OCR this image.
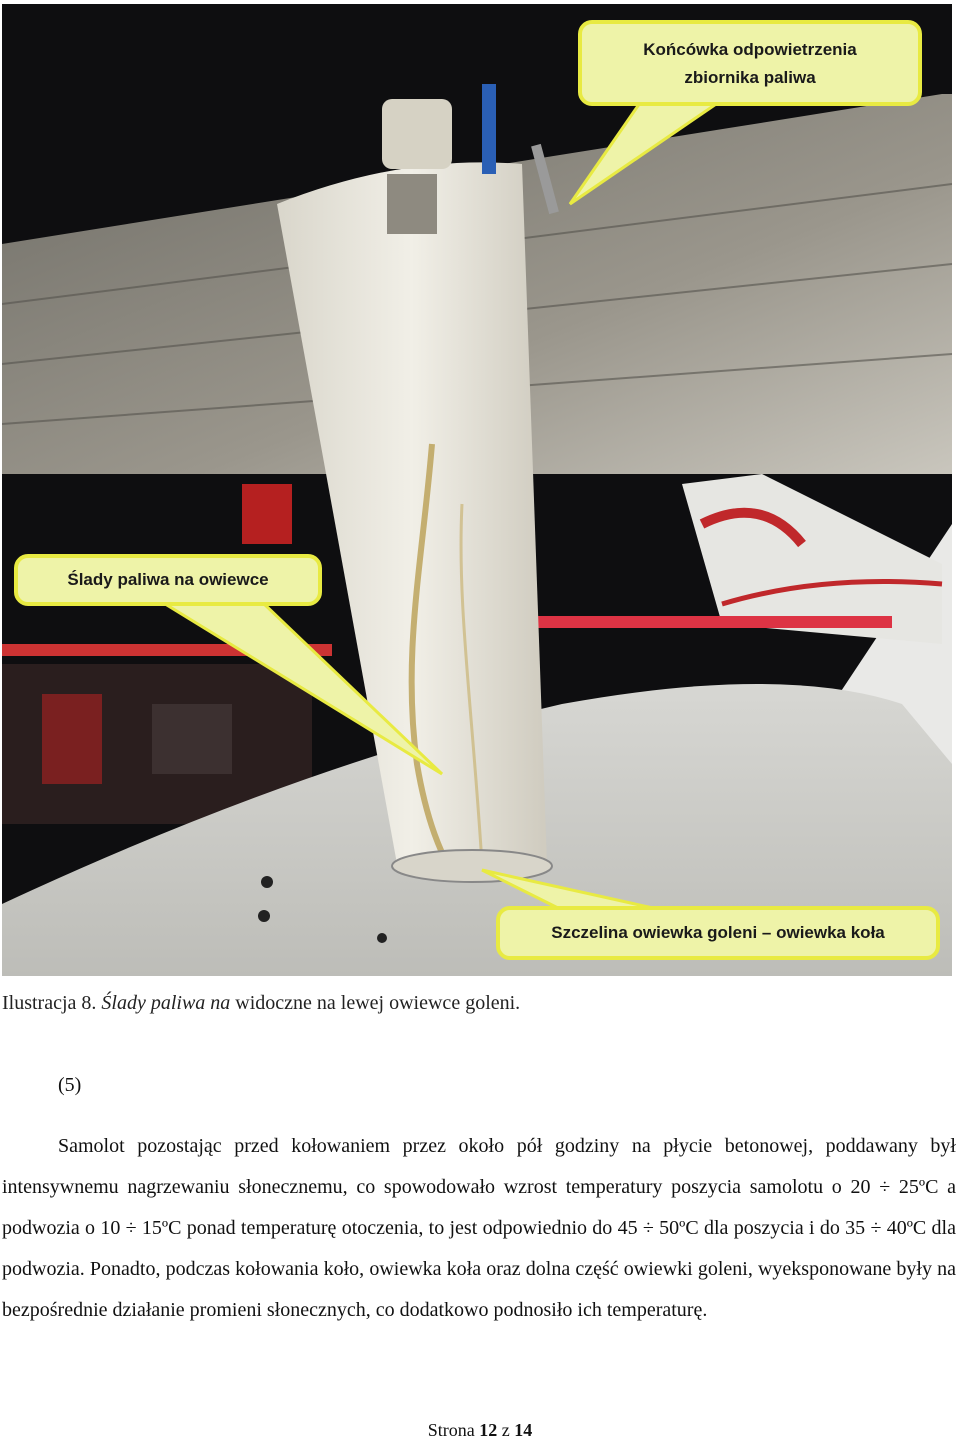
Końcówka odpowietrzenia
zbiornika paliwa
Ślady paliwa na owiewce
Szczelina owiewka goleni – owiewka koła
Ilustracja 8. Ślady paliwa na widoczne na lewej owiewce goleni.
(5)

Samolot pozostając przed kołowaniem przez około pół godziny na płycie betonowej, poddawany był intensywnemu nagrzewaniu słonecznemu, co spowodowało wzrost temperatury poszycia samolotu o 20 ÷ 25ºC a podwozia o 10 ÷ 15ºC ponad temperaturę otoczenia, to jest odpowiednio do 45 ÷ 50ºC dla poszycia i do 35 ÷ 40ºC dla podwozia. Ponadto, podczas kołowania koło, owiewka koła oraz dolna część owiewki goleni, wyeksponowane były na bezpośrednie działanie promieni słonecznych, co dodatkowo podnosiło ich temperaturę.

Strona 12 z 14
